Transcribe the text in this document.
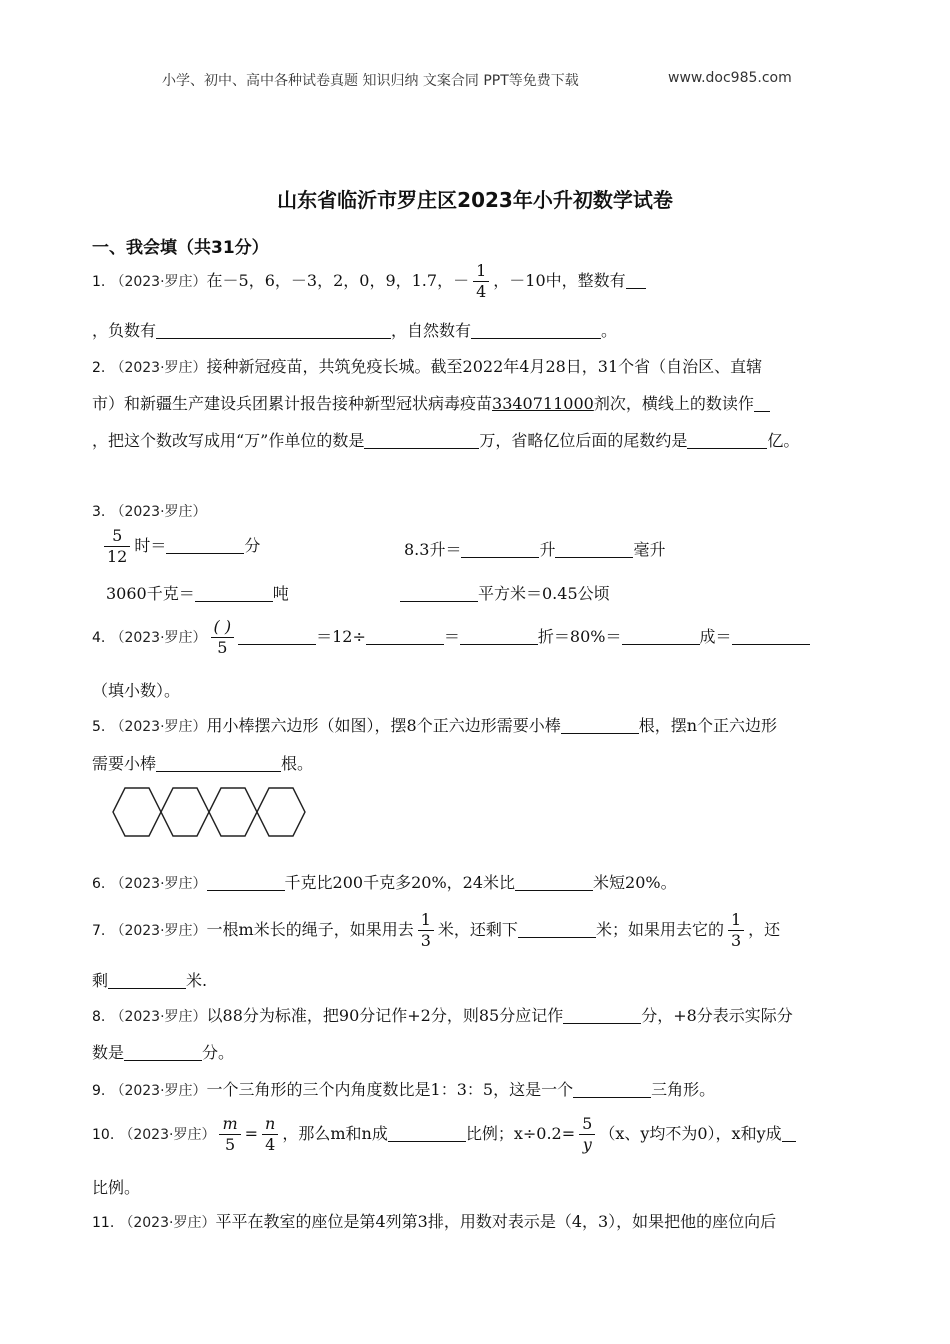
小学、初中、高中各种试卷真题 知识归纳 文案合同 PPT等免费下载	www.doc985.com
山东省临沂市罗庄区2023年小升初数学试卷
一、我会填（共31分）
1. （2023·罗庄）在－5，6，－3，2，0，9，1.7，－ $\frac{1}{4}$ ，－10中，整数有
，负数有	，自然数有	。
2. （2023·罗庄）接种新冠疫苗，共筑免疫长城。截至2022年4月28日，31个省（自治区、直辖
市）和新疆生产建设兵团累计报告接种新型冠状病毒疫苗3340711000剂次，横线上的数读作
，把这个数改写成用“万”作单位的数是	万，省略亿位后面的尾数约是	亿。
3. （2023·罗庄）
$\frac{5}{12}$ 时＝	分	8.3升＝	升	毫升
3060千克＝	吨	平方米＝0.45公顷
4. （2023·罗庄） $\frac{( )}{5}$	＝12÷	＝	折＝80%＝	成＝
（填小数）。
5. （2023·罗庄）用小棒摆六边形（如图），摆8个正六边形需要小棒	根，摆n个正六边形
需要小棒	根。
6. （2023·罗庄）	千克比200千克多20%，24米比	米短20%。
7. （2023·罗庄）一根m米长的绳子，如果用去 $\frac{1}{3}$ 米，还剩下	米；如果用去它的 $\frac{1}{3}$ ，还
剩	米.
8. （2023·罗庄）以88分为标准，把90分记作+2分，则85分应记作	分，+8分表示实际分
数是	分。
9. （2023·罗庄）一个三角形的三个内角度数比是1：3：5，这是一个	三角形。
10. （2023·罗庄） $\frac{m}{5} = \frac{n}{4}$ ，那么m和n成	比例；$x\div 0.2= \frac{5}{y} (x$、y均不为0），x和y成
比例。
11. （2023·罗庄）平平在教室的座位是第4列第3排，用数对表示是（4，3），如果把他的座位向后
